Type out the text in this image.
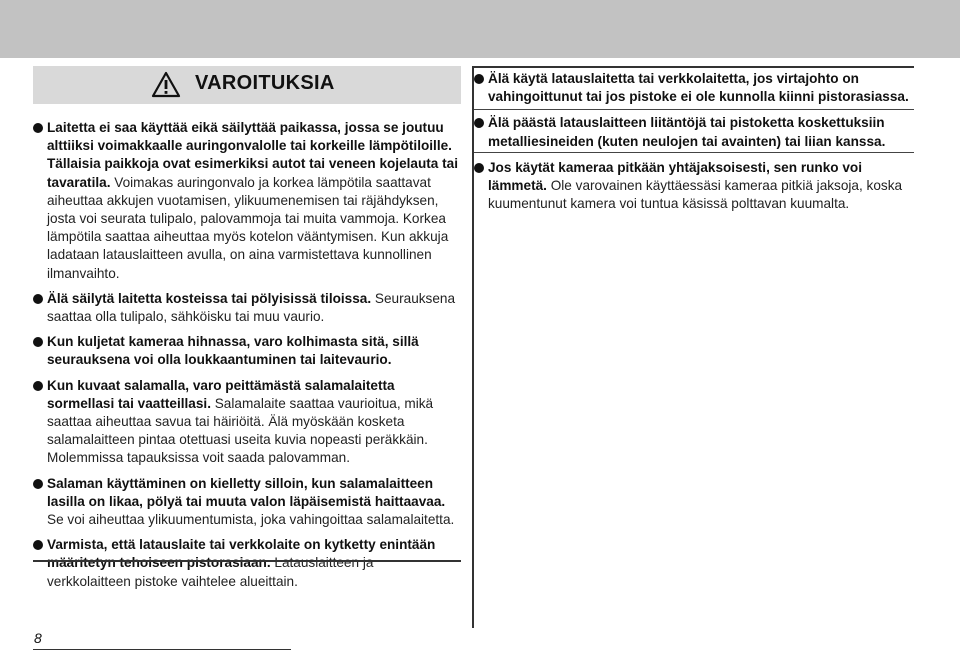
VAROITUKSIA
Laitetta ei saa käyttää eikä säilyttää paikassa, jossa se joutuu alttiiksi voimakkaalle auringonvalolle tai korkeille lämpötiloille. Tällaisia paikkoja ovat esimerkiksi autot tai veneen kojelauta tai tavaratila. Voimakas auringonvalo ja korkea lämpötila saattavat aiheuttaa akkujen vuotamisen, ylikuumenemisen tai räjähdyksen, josta voi seurata tulipalo, palovammoja tai muita vammoja. Korkea lämpötila saattaa aiheuttaa myös kotelon vääntymisen. Kun akkuja ladataan latauslaitteen avulla, on aina varmistettava kunnollinen ilmanvaihto.
Älä säilytä laitetta kosteissa tai pölyisissä tiloissa. Seurauksena saattaa olla tulipalo, sähköisku tai muu vaurio.
Kun kuljetat kameraa hihnassa, varo kolhimasta sitä, sillä seurauksena voi olla loukkaantuminen tai laitevaurio.
Kun kuvaat salamalla, varo peittämästä salamalaitetta sormellasi tai vaatteillasi. Salamalaite saattaa vaurioitua, mikä saattaa aiheuttaa savua tai häiriöitä. Älä myöskään kosketa salamalaitteen pintaa otettuasi useita kuvia nopeasti peräkkäin. Molemmissa tapauksissa voit saada palovamman.
Salaman käyttäminen on kielletty silloin, kun salamalaitteen lasilla on likaa, pölyä tai muuta valon läpäisemistä haittaavaa. Se voi aiheuttaa ylikuumentumista, joka vahingoittaa salamalaitetta.
Varmista, että latauslaite tai verkkolaite on kytketty enintään määritetyn tehoiseen pistorasiaan. Latauslaitteen ja verkkolaitteen pistoke vaihtelee alueittain.
Älä käytä latauslaitetta tai verkkolaitetta, jos virtajohto on vahingoittunut tai jos pistoke ei ole kunnolla kiinni pistorasiassa.
Älä päästä latauslaitteen liitäntöjä tai pistoketta koskettuksiin metalliesineiden (kuten neulojen tai avainten) tai liian kanssa.
Jos käytät kameraa pitkään yhtäjaksoisesti, sen runko voi lämmetä. Ole varovainen käyttäessäsi kameraa pitkiä jaksoja, koska kuumentunut kamera voi tuntua käsissä polttavan kuumalta.
8
